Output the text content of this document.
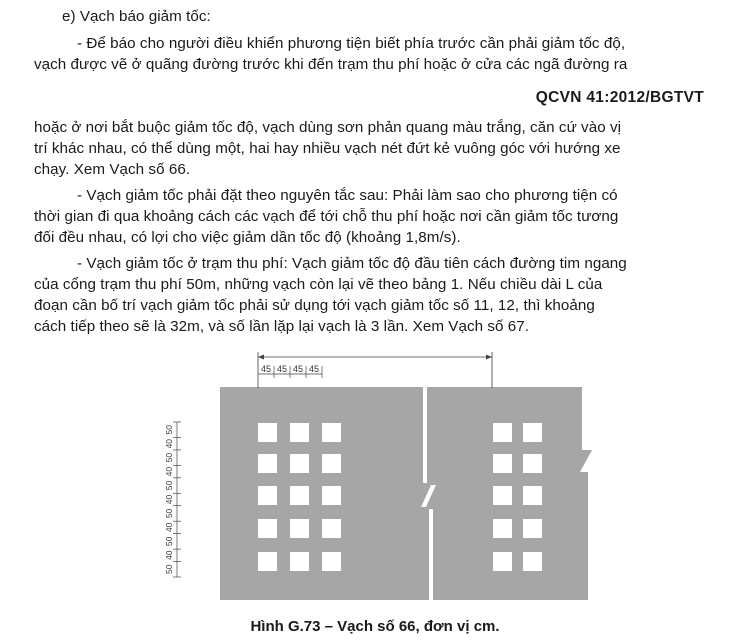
e) Vạch báo giảm tốc:
- Để báo cho người điều khiển phương tiện biết phía trước cần phải giảm tốc độ,
vạch được vẽ ở quãng đường trước khi đến trạm thu phí hoặc ở cửa các ngã đường ra
QCVN 41:2012/BGTVT
hoặc ở nơi bắt buộc giảm tốc độ, vạch dùng sơn phản quang màu trắng, căn cứ vào vị
trí khác nhau, có thể dùng một, hai hay nhiều vạch nét đứt kẻ vuông góc với hướng xe
chạy. Xem Vạch số 66.
- Vạch giảm tốc phải đặt theo nguyên tắc sau: Phải làm sao cho phương tiện có
thời gian đi qua khoảng cách các vạch để tới chỗ thu phí hoặc nơi cần giảm tốc tương
đối đều nhau, có lợi cho việc giảm dần tốc độ (khoảng 1,8m/s).
- Vạch giảm tốc ở trạm thu phí: Vạch giảm tốc độ đầu tiên cách đường tim ngang
của cổng trạm thu phí 50m, những vạch còn lại vẽ theo bảng 1. Nếu chiều dài L của
đoạn cần bố trí vạch giảm tốc phải sử dụng tới vạch giảm tốc số 11, 12, thì khoảng
cách tiếp theo sẽ là 32m, và số lần lặp lại vạch là 3 lần. Xem Vạch số 67.
45 45 45 45
50
40
50
40
50
40
50
40
50
40
50
Hình G.73 – Vạch số 66, đơn vị cm.
